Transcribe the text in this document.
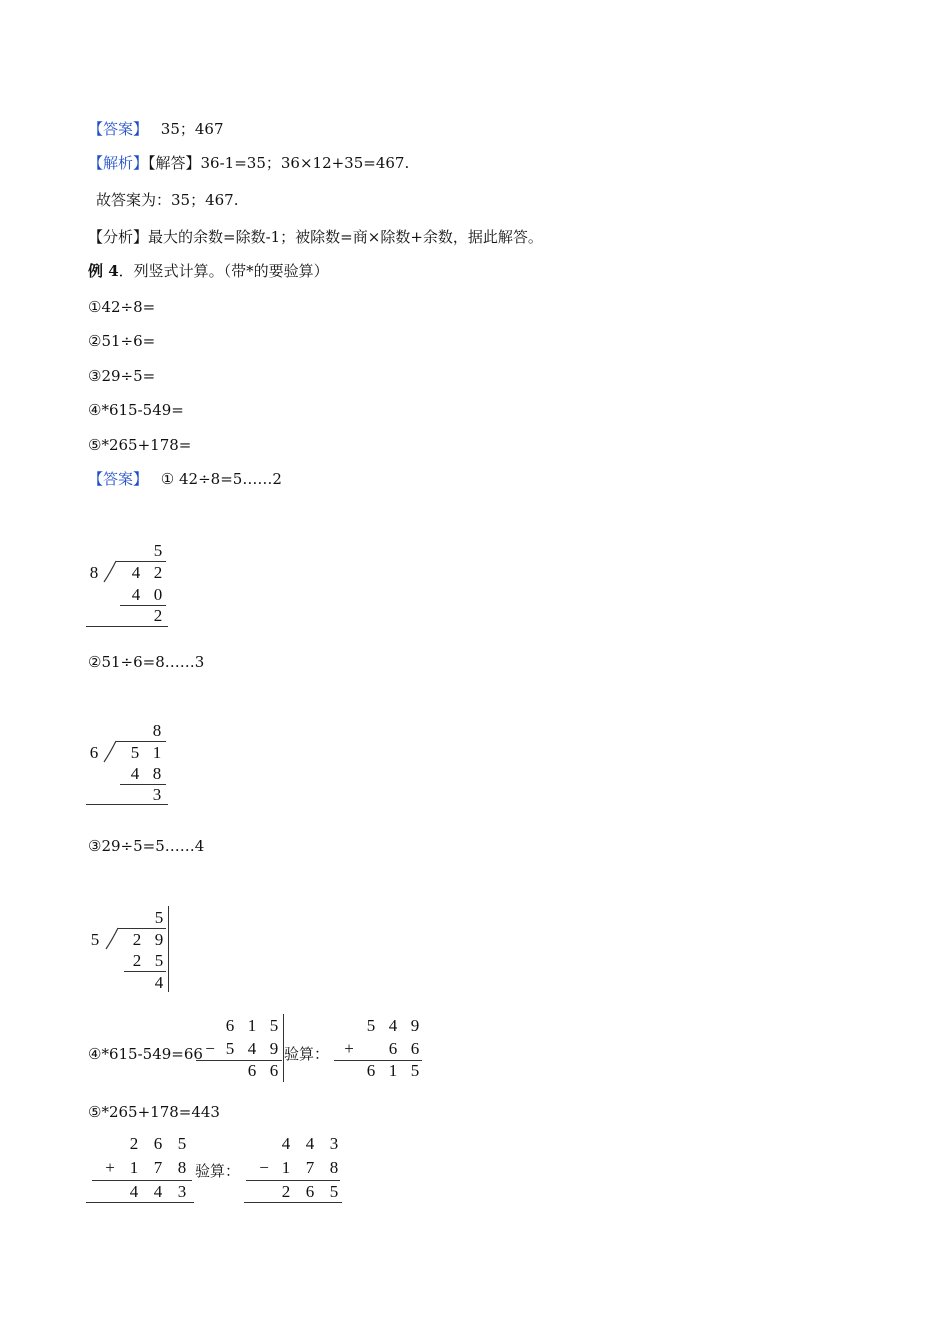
【答案】 35；467
【解析】【解答】36-1=35；36×12+35=467.
故答案为：35；467.
【分析】最大的余数=除数-1；被除数=商×除数+余数，据此解答。
例 4．列竖式计算。（带*的要验算）
①42÷8=
②51÷6=
③29÷5=
④*615-549=
⑤*265+178=
【答案】 ① 42÷8=5……2
8
5
4 2
4 0
2
②51÷6=8……3
6
8
5 1
4 8
3
③29÷5=5……4
5
5
2 9
2 5
4
④*615-549=66
6 1 5
− 5 4 9
6 6
验算：
5 4 9
+ 6 6
6 1 5
⑤*265+178=443
2 6 5
+ 1 7 8
4 4 3
验算：
4 4 3
− 1 7 8
2 6 5
